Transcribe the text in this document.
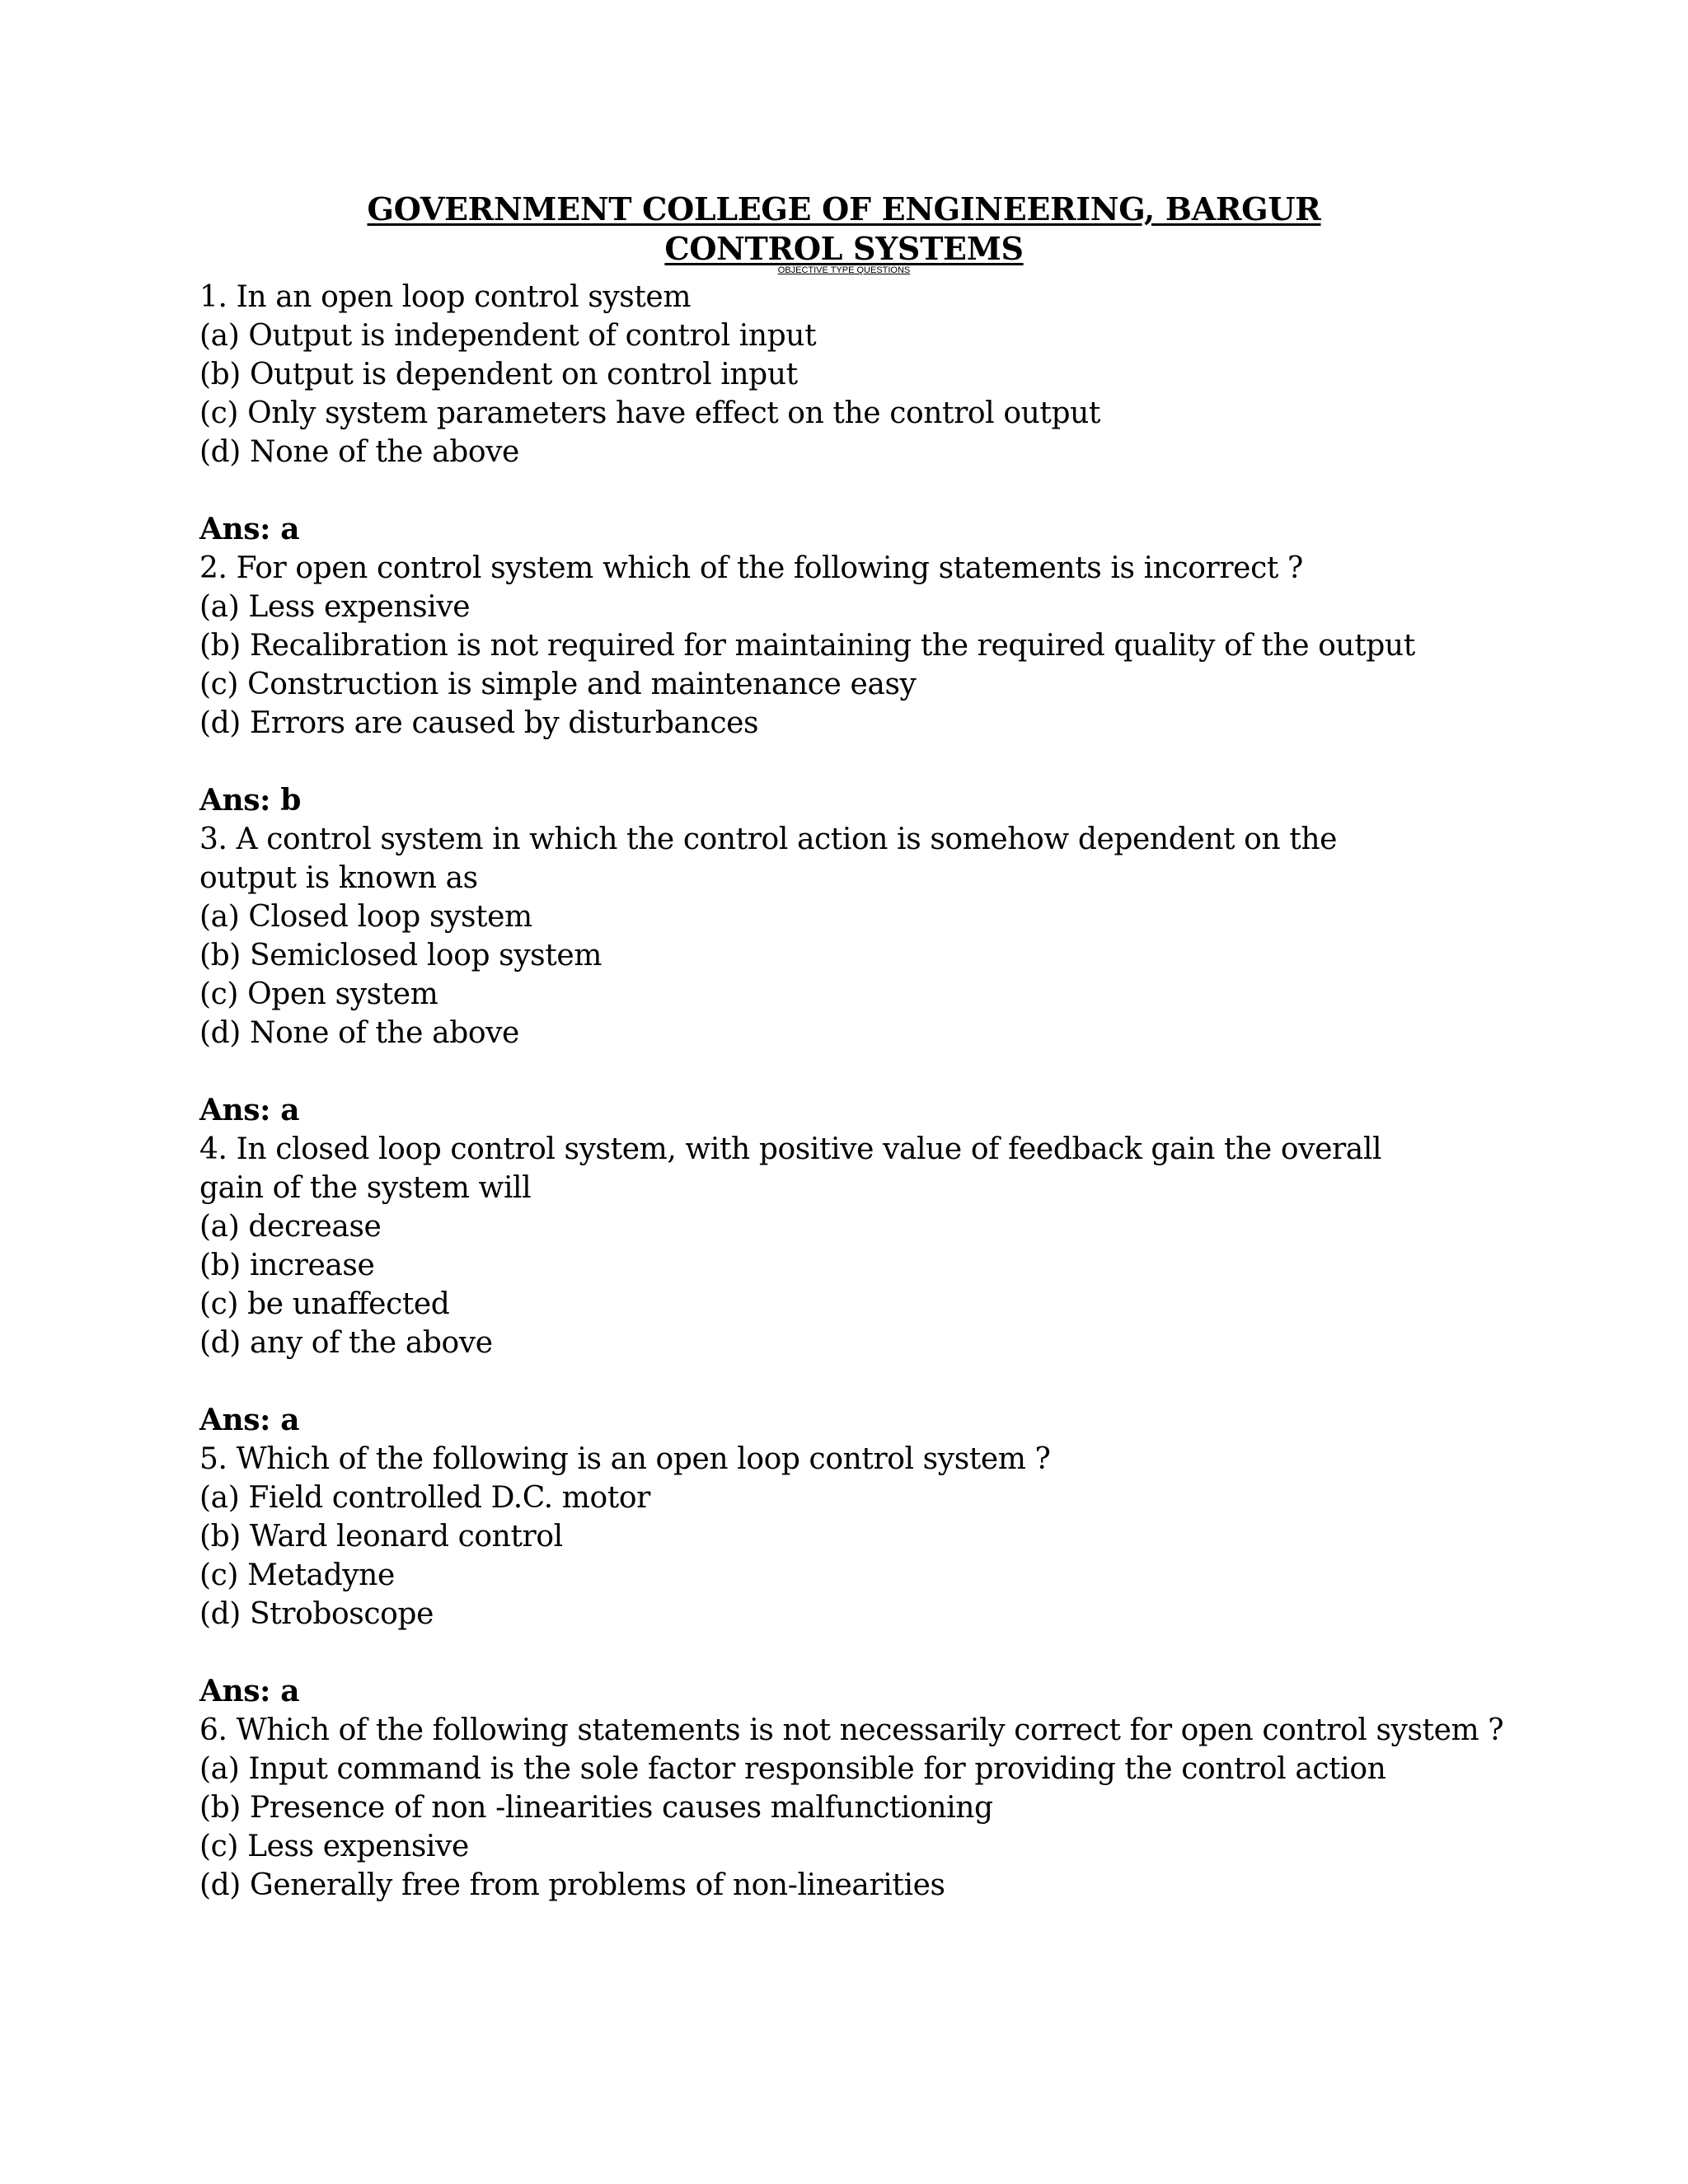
GOVERNMENT COLLEGE OF ENGINEERING, BARGUR
CONTROL SYSTEMS
OBJECTIVE TYPE QUESTIONS
1. In an open loop control system
(a) Output is independent of control input
(b) Output is dependent on control input
(c) Only system parameters have effect on the control output
(d) None of the above
Ans: a
2. For open control system which of the following statements is incorrect ?
(a) Less expensive
(b) Recalibration is not required for maintaining the required quality of the output
(c) Construction is simple and maintenance easy
(d) Errors are caused by disturbances
Ans: b
3. A control system in which the control action is somehow dependent on the output is known as
(a) Closed loop system
(b) Semiclosed loop system
(c) Open system
(d) None of the above
Ans: a
4. In closed loop control system, with positive value of feedback gain the overall gain of the system will
(a) decrease
(b) increase
(c) be unaffected
(d) any of the above
Ans: a
5. Which of the following is an open loop control system ?
(a) Field controlled D.C. motor
(b) Ward leonard control
(c) Metadyne
(d) Stroboscope
Ans: a
6. Which of the following statements is not necessarily correct for open control system ?
(a) Input command is the sole factor responsible for providing the control action
(b) Presence of non -linearities causes malfunctioning
(c) Less expensive
(d) Generally free from problems of non-linearities
